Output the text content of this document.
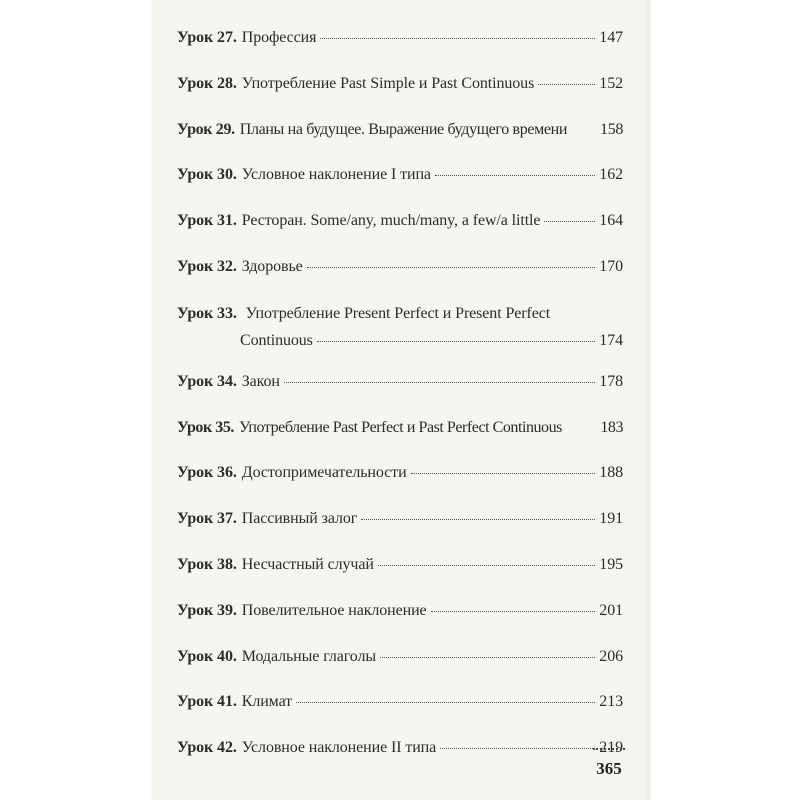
Урок 27. Профессия	147
Урок 28. Употребление Past Simple и Past Continuous	152
Урок 29. Планы на будущее. Выражение будущего времени 158
Урок 30. Условное наклонение I типа	162
Урок 31. Ресторан. Some/any, much/many, a few/a little	164
Урок 32. Здоровье	170
Урок 33. Употребление Present Perfect и Present Perfect
Continuous	174
Урок 34. Закон	178
Урок 35. Употребление Past Perfect и Past Perfect Continuous 183
Урок 36. Достопримечательности	188
Урок 37. Пассивный залог	191
Урок 38. Несчастный случай	195
Урок 39. Повелительное наклонение	201
Урок 40. Модальные глаголы	206
Урок 41. Климат	213
Урок 42. Условное наклонение II типа	219
365
